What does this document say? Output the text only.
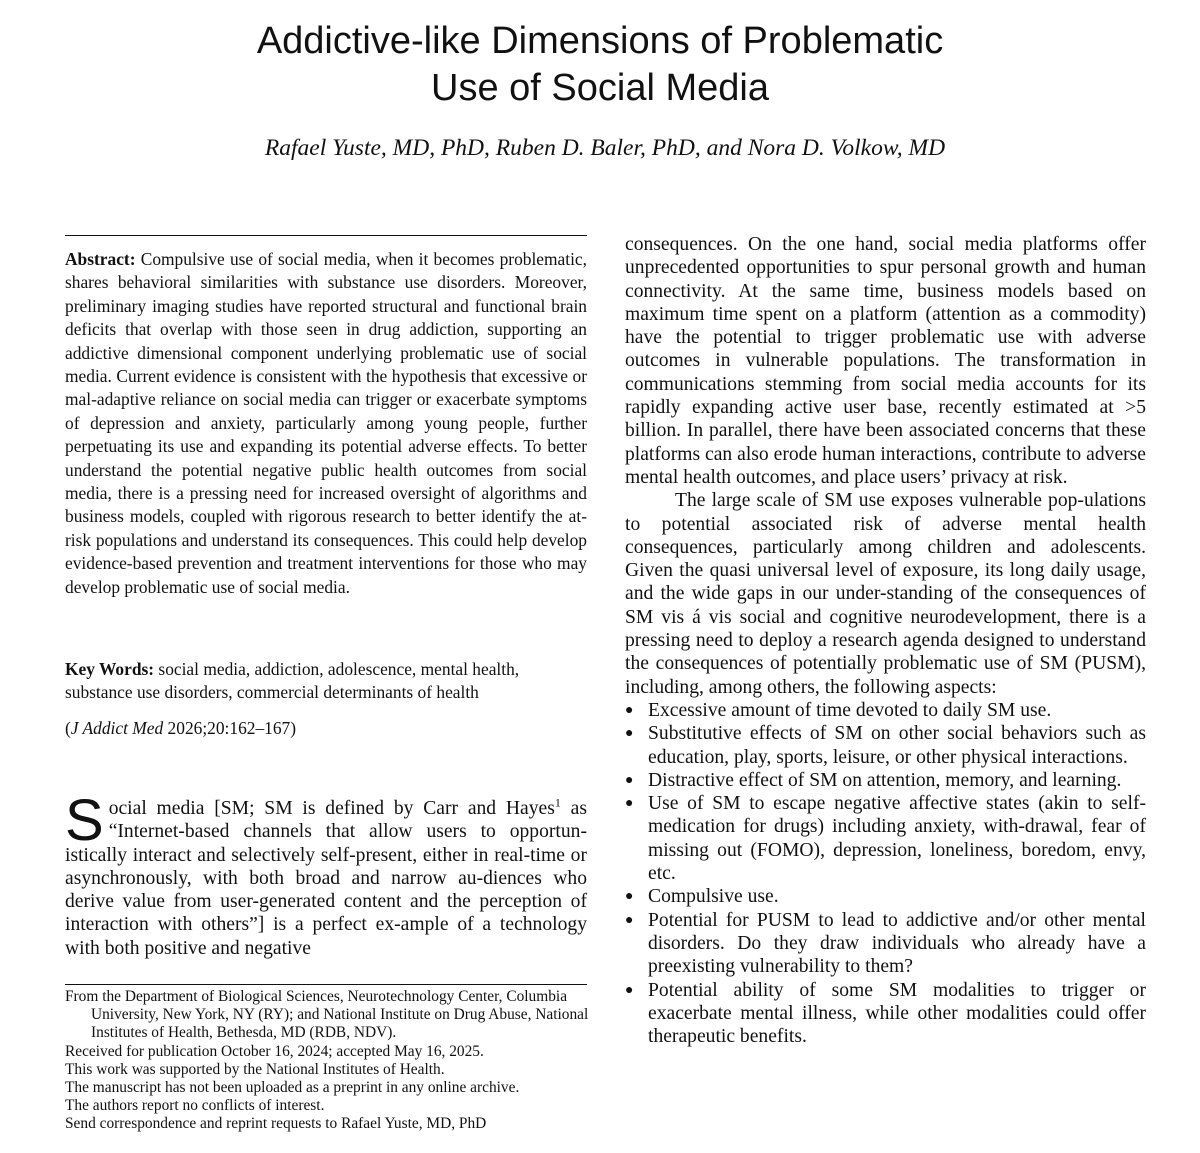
Addictive-like Dimensions of Problematic
Use of Social Media
Rafael Yuste, MD, PhD, Ruben D. Baler, PhD, and Nora D. Volkow, MD
Abstract: Compulsive use of social media, when it becomes problematic, shares behavioral similarities with substance use disorders. Moreover, preliminary imaging studies have reported structural and functional brain deficits that overlap with those seen in drug addiction, supporting an addictive dimensional component underlying problematic use of social media. Current evidence is consistent with the hypothesis that excessive or mal-adaptive reliance on social media can trigger or exacerbate symptoms of depression and anxiety, particularly among young people, further perpetuating its use and expanding its potential adverse effects. To better understand the potential negative public health outcomes from social media, there is a pressing need for increased oversight of algorithms and business models, coupled with rigorous research to better identify the at-risk populations and understand its consequences. This could help develop evidence-based prevention and treatment interventions for those who may develop problematic use of social media.
Key Words: social media, addiction, adolescence, mental health, substance use disorders, commercial determinants of health
(J Addict Med 2026;20:162–167)
Social media [SM; SM is defined by Carr and Hayes$^1$ as “Internet-based channels that allow users to opportun-istically interact and selectively self-present, either in real-time or asynchronously, with both broad and narrow au-diences who derive value from user-generated content and the perception of interaction with others”] is a perfect ex-ample of a technology with both positive and negative

From the Department of Biological Sciences, Neurotechnology Center, Columbia University, New York, NY (RY); and National Institute on Drug Abuse, National Institutes of Health, Bethesda, MD (RDB, NDV).

Received for publication October 16, 2024; accepted May 16, 2025.

This work was supported by the National Institutes of Health.

The manuscript has not been uploaded as a preprint in any online archive.

The authors report no conflicts of interest.

Send correspondence and reprint requests to Rafael Yuste, MD, PhD

consequences. On the one hand, social media platforms offer unprecedented opportunities to spur personal growth and human connectivity. At the same time, business models based on maximum time spent on a platform (attention as a commodity) have the potential to trigger problematic use with adverse outcomes in vulnerable populations. The transformation in communications stemming from social media accounts for its rapidly expanding active user base, recently estimated at >5 billion. In parallel, there have been associated concerns that these platforms can also erode human interactions, contribute to adverse mental health outcomes, and place users’ privacy at risk.

The large scale of SM use exposes vulnerable pop-ulations to potential associated risk of adverse mental health consequences, particularly among children and adolescents. Given the quasi universal level of exposure, its long daily usage, and the wide gaps in our under-standing of the consequences of SM vis á vis social and cognitive neurodevelopment, there is a pressing need to deploy a research agenda designed to understand the consequences of potentially problematic use of SM (PUSM), including, among others, the following aspects:

● Excessive amount of time devoted to daily SM use.
● Substitutive effects of SM on other social behaviors such as education, play, sports, leisure, or other physical interactions.
● Distractive effect of SM on attention, memory, and learning.
● Use of SM to escape negative affective states (akin to self-medication for drugs) including anxiety, with-drawal, fear of missing out (FOMO), depression, loneliness, boredom, envy, etc.
● Compulsive use.
● Potential for PUSM to lead to addictive and/or other mental disorders. Do they draw individuals who already have a preexisting vulnerability to them?
● Potential ability of some SM modalities to trigger or exacerbate mental illness, while other modalities could offer therapeutic benefits.
